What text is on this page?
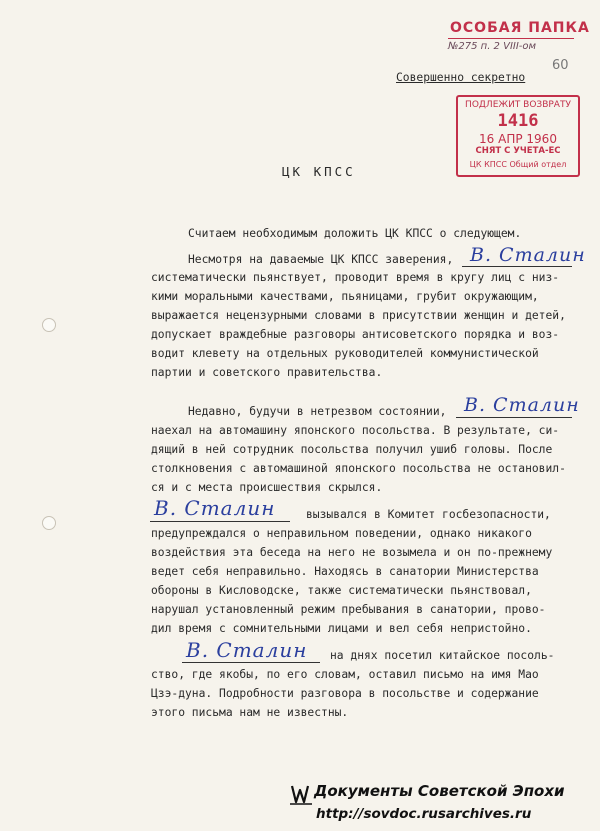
ОСОБАЯ ПАПКА
№275 п. 2 VIII-ом
60
Совершенно секретно
ПОДЛЕЖИТ ВОЗВРАТУ
1416
16 АПР 1960
СНЯТ С УЧЕТА-ЕС
ЦК КПСС Общий отдел
ЦК КПСС
Считаем необходимым доложить ЦК КПСС о следующем.
Несмотря на даваемые ЦК КПСС заверения, В. Сталин
систематически пьянствует, проводит время в кругу лиц с низ-
кими моральными качествами, пьяницами, грубит окружающим,
выражается нецензурными словами в присутствии женщин и детей,
допускает враждебные разговоры антисоветского порядка и воз-
водит клевету на отдельных руководителей коммунистической
партии и советского правительства.
Недавно, будучи в нетрезвом состоянии, В. Сталин
наехал на автомашину японского посольства. В результате, си-
дящий в ней сотрудник посольства получил ушиб головы. После
столкновения с автомашиной японского посольства не остановил-
ся и с места происшествия скрылся.
В. Сталин	вызывался в Комитет госбезопасности,
предупреждался о неправильном поведении, однако никакого
воздействия эта беседа на него не возымела и он по-прежнему
ведет себя неправильно. Находясь в санатории Министерства
обороны в Кисловодске, также систематически пьянствовал,
нарушал установленный режим пребывания в санатории, прово-
дил время с сомнительными лицами и вел себя непристойно.
В. Сталин на днях посетил китайское посоль-
ство, где якобы, по его словам, оставил письмо на имя Мао
Цзэ-дуна. Подробности разговора в посольстве и содержание
этого письма нам не известны.
Документы Советской Эпохи
http://sovdoc.rusarchives.ru
